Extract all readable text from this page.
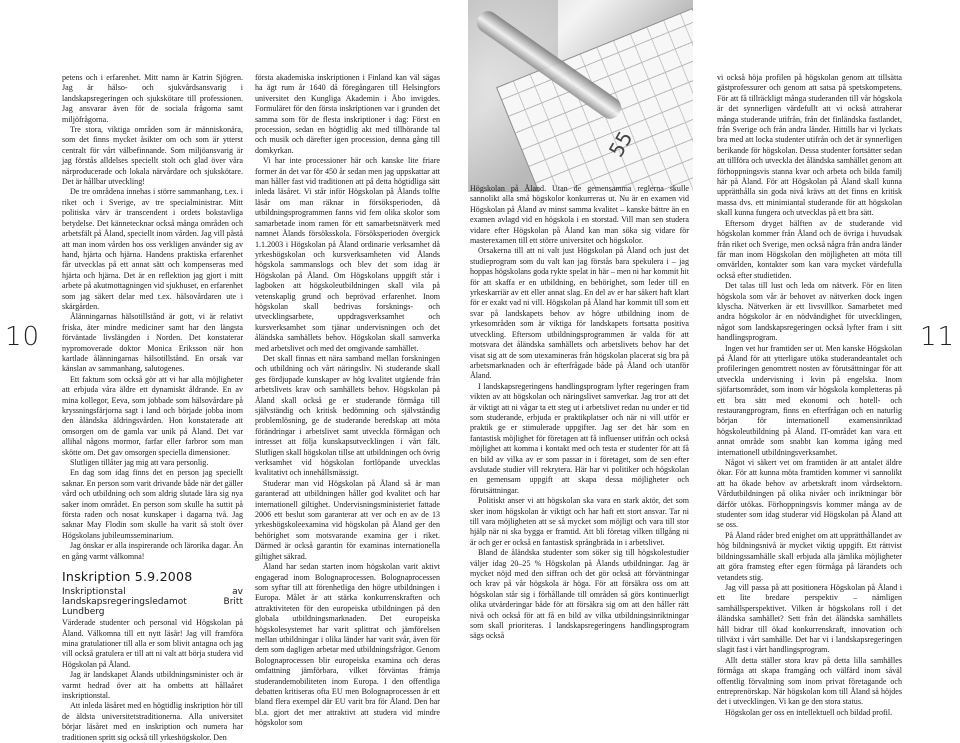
55
10	11

petens och i erfarenhet. Mitt namn är Katrin Sjögren. Jag är hälso- och sjukvårdsansvarig i landskapsregeringen och sjukskötare till professionen. Jag ansvarar även för de sociala frågorna samt miljöfrågorna.

Tre stora, viktiga områden som är människonära, som det finns mycket åsikter om och som är ytterst centralt för vårt välbefinnande. Som miljöansvarig är jag förstås alldelses speciellt stolt och glad över våra närproducerade och lokala närvårdare och sjukskötare. Det är hållbar utveckling!

De tre områdena innehas i större sammanhang, t.ex. i riket och i Sverige, av tre specialministrar. Mitt politiska värv är transcendent i ordets bokstavliga betydelse. Det kännetecknar också många områden och arbetsfält på Åland, speciellt inom vården. Jag vill påstå att man inom vården hos oss verkligen använder sig av hand, hjärta och hjärna. Handens praktiska erfarenhet får utvecklas på ett annat sätt och kompenseras med hjärta och hjärna. Det är en reflektion jag gjort i mitt arbete på akutmottagningen vid sjukhuset, en erfarenhet som jag säkert delar med t.ex. hälsovårdaren ute i skärgården.

Ålänningarnas hälsotillstånd är gott, vi är relativt friska, äter mindre mediciner samt har den längsta förväntade livslängden i Norden. Det konstaterar nypromoverade doktor Monica Eriksson när hon kartlade ålänningarnas hälsotillstånd. En orsak var känslan av sammanhang, salutogenes.

Ett faktum som också gör att vi har alla möjligheter att erbjuda våra äldre ett dynamiskt åldrande. En av mina kollegor, Eeva, som jobbade som hälsovårdare på kryssningsfärjorna sagt i land och började jobba inom den åländska äldringsvården. Hon konstaterade att omsorgen om de gamla var unik på Åland. Det var allihal någons mormor, farfar eller farbror som man skötte om. Det gav omsorgen speciella dimensioner.

Slutligen tillåter jag mig att vara personlig.

En dag som idag finns det en person jag speciellt saknar. En person som varit drivande både när det gäller vård och utbildning och som aldrig slutade lära sig nya saker inom området. En person som skulle ha suttit på första raden och nosat kunskaper i dagarna två. Jag saknar May Flodin som skulle ha varit så stolt över Högskolans jubileumsseminarium.

Jag önskar er alla inspirerande och lärorika dagar. Än en gång varmt välkomna!

Inskription 5.9.2008

Inskriptionstal av landskapsregeringsledamot Britt Lundberg

Värderade studenter och personal vid Högskolan på Åland. Välkomna till ett nytt läsår! Jag vill framföra mina gratulationer till alla er som blivit antagna och jag vill också gratulera er till att ni valt att börja studera vid Högskolan på Åland.

Jag är landskapet Ålands utbildningsminister och är varmt hedrad över att ha ombetts att hållaåret inskriptionstal.

Att inleda läsåret med en högtidlig inskription hör till de äldsta universitetstraditionerna. Alla universitet börjar läsåret med en inskription och numera har traditionen spritt sig också till yrkeshögskolor. Den

första akademiska inskriptionen i Finland kan väl sägas ha ägt rum år 1640 då föregångaren till Helsingfors universitet den Kungliga Akademin i Åbo invigdes. Formuläret för den första inskriptionen var i grunden det samma som för de flesta inskriptioner i dag: Först en procession, sedan en högtidlig akt med tillhörande tal och musik och därefter igen procession, denna gång till domkyrkan.

Vi har inte processioner här och kanske lite friare former än det var för 450 år sedan men jag uppskattar att man håller fast vid traditionen att på detta högtidliga sätt inleda läsåret. Vi står inför Högskolan på Ålands tolfte läsår om man räknar in försöksperioden, då utbildningsprogrammen fanns vid fem olika skolor som samarbetade inom ramen för ett samarbetsnätverk med namnet Ålands försöksskola. Försöksperioden övergick 1.1.2003 i Högskolan på Åland ordinarie verksamhet då yrkeshögskolan och kursverksamheten vid Ålands högskola sammanslogs och blev det som idag är Högskolan på Åland. Om Högskolans uppgift står i lagboken att högskoleutbildningen skall vila på vetenskaplig grund och beprövad erfarenhet. Inom högskolan skall bedrivas forsknings- och utvecklingsarbete, uppdragsverksamhet och kursverksamhet som tjänar undervisningen och det åländska samhällets behov. Högskolan skall samverka med arbetslivet och med det omgivande samhället.

Det skall finnas ett nära samband mellan forskningen och utbildning och vårt näringsliv. Ni studerande skall ges fördjupade kunskaper av hög kvalitet utgående från arbetslivets krav och samhällets behov. Högskolan på Åland skall också ge er studerande förmåga till självständig och kritisk bedömning och självständig problemlösning, ge de studerande beredskap att möta förändringar i arbetslivet samt utveckla förmågan och intresset att följa kunskapsutvecklingen i vårt fält. Slutligen skall högskolan tillse att utbildningen och övrig verksamhet vid högskolan fortlöpande utvecklas kvalitativt och innehållsmässigt.

Studerar man vid Högskolan på Åland så är man garanterad att utbildningen håller god kvalitet och har internationell giltighet. Undervisningsministeriet fattade 2006 ett beslut som garanterar att ver och en av de 13 yrkeshögskoleexamina vid högskolan på Åland ger den behörighet som motsvarande examina ger i riket. Därmed är också garantin för examinas internationella giltighet säkrad.

Åland har sedan starten inom högskolan varit aktivt engagerad inom Bolognaprocessen. Bolognaprocessen som syftar till att förenhetliga den högre utbildningen i Europa. Målet är att stärka konkurrenskraften och attraktiviteten för den europeiska utbildningen på den globala utbildningsmarknaden. Det europeiska högskolesystemet har varit splittrat och jämförelsen mellan utbildningar i olika länder har varit svår, även för dem som dagligen arbetar med utbildningsfrågor. Genom Bolognaprocessen blir europeiska examina och deras omfattning jämförbara, vilket förväntas främja studerandemobiliteten inom Europa. I den offentliga debatten kritiseras ofta EU men Bolognaprocessen är ett bland flera exempel där EU varit bra för Åland. Den har bl.a. gjort det mer attraktivt att studera vid mindre högskolor som

Högskolan på Åland. Utan de gemensamma reglerna skulle sannolikt alla små högskolor konkurreras ut. Nu är en examen vid Högskolan på Åland av minst samma kvalitet – kanske bättre än en examen avlagd vid en högskola i en storstad. Vill man sen studera vidare efter Högskolan på Åland kan man söka sig vidare för masterexamen till ett större universitet och högskolor.

Orsakerna till att ni valt just Högskolan på Åland och just det studieprogram som du valt kan jag förstås bara spekulera i – jag hoppas högskolans goda rykte spelat in här – men ni har kommit hit för att skaffa er en utbildning, en behörighet, som leder till en yrkeskarriär av ett eller annat slag. En del av er har säkert haft klart för er exakt vad ni vill. Högskolan på Åland har kommit till som ett svar på landskapets behov av högre utbildning inom de yrkesområden som är viktiga för landskapets fortsatta positiva utveckling. Eftersom utbildningsprogrammen är valda för att motsvara det åländska samhällets och arbetslivets behov har det visat sig att de som utexamineras från högskolan placerat sig bra på arbetsmarknaden och är efterfrågade både på Åland och utanför Åland.

I landskapsregeringens handlingsprogram lyfter regeringen fram vikten av att högskolan och näringslivet samverkar. Jag tror att det är viktigt att ni vågar ta ett steg ut i arbetslivet redan nu under er tid som studerande, erbjuda er praktikplatser och när ni vill utför er praktik ge er stimulerade uppgifter. Jag ser det här som en fantastisk möjlighet för företagen att få influenser utifrån och också möjlighet att komma i kontakt med och testa er studenter för att få en bild av vilka av er som passar in i företaget, som de sen efter avslutade studier vill rekrytera. Här har vi politiker och högskolan en gemensam uppgift att skapa dessa möjligheter och förutsättningar.

Politiskt anser vi att högskolan ska vara en stark aktör, det som sker inom högskolan är viktigt och har haft ett stort ansvar. Tar ni till vara möjligheten att se så mycket som möjligt och vara till stor hjälp när ni ska bygga er framtid. Att bli företag vilken tillgång ni är och ger er också en fantastisk språngbräda in i arbetslivet.

Bland de åländska studenter som söker sig till högskolestudier väljer idag 20–25 % Högskolan på Ålands utbildningar. Jag är mycket nöjd med den siffran och det gör också att förväntningar och krav på vår högskola är höga. För att försäkra oss om att högskolan står sig i förhållande till områden så görs kontinuerligt olika utvärderingar både för att försäkra sig om att den håller rätt nivå och också för att få en bild av vilka utbildningsinriktningar som skall prioriteras. I landskapsregeringens handlingsprogram sägs också

vi också höja profilen på högskolan genom att tillsätta gästprofessurer och genom att satsa på spetskompetens. För att få tillräckligt många studeranden till vår högskola är det synnerligen värdefullt att vi också attraherar många studerande utifrån, från det finländska fastlandet, från Sverige och från andra länder. Hittills har vi lyckats bra med att locka studenter utifrån och det är synnerligen berikande för högskolan. Dessa studenter fortsätter sedan att tillföra och utveckla det åländska samhället genom att förhoppningsvis stanna kvar och arbeta och bilda familj här på Åland. För att Högskolan på Åland skall kunna upprätthålla sin goda nivå krävs att det finns en kritisk massa dvs. ett minimiantal studerande för att högskolan skall kunna fungera och utvecklas på ett bra sätt.

Eftersom dryget hälften av de studerande vid högskolan kommer från Åland och de övriga i huvudsak från riket och Sverige, men också några från andra länder får man inom Högskolan den möjligheten att möta till omvärlden, kontakter som kan vara mycket värdefulla också efter studietiden.

Det talas till lust och leda om nätverk. För en liten högskola som vår är behovet av nätverken dock ingen klyscha. Nätverken är ett livsvillkor. Samarbetet med andra högskolor är en nödvändighet för utvecklingen, något som landskapsregeringen också lyfter fram i sitt handlingsprogram.

Ingen vet hur framtiden ser ut. Men kanske Högskolan på Åland för att ytterligare utöka studerandeantalet och profileringen genomtrett nosten av förutsättningar för att utveckla undervisning i kvin på engelska. Inom sjöfartsområdet, som inom vår högskola kompletteras på ett bra sätt med ekonomi och hotell- och restaurangprogram, finns en efterfrågan och en naturlig början för internationell examensinriktad högskoleutbildning på Åland. IT-området kan vara ett annat område som snabbt kan komma igång med internationell utbildningsverksamhet.

Något vi säkert vet om framtiden är att antalet äldre ökar. För att kunna möta framtiden kommer vi sannolikt att ha ökade behov av arbetskraft inom vårdsektorn. Vårdutbildningen på olika nivåer och inriktningar bör därför utökas. Förhoppningsvis kommer många av de studenter som idag studerar vid Högskolan på Åland att se oss.

På Åland råder bred enighet om att upprätthållandet av hög bildningsnivå är mycket viktig uppgift. Ett rättvist bildningssamhälle skall erbjuda alla jämlika möjligheter att göra framsteg efter egen förmåga på lärandets och vetandets stig.

Jag vill passa på att positionera Högskolan på Åland i ett lite bredare perspektiv – nämligen samhällsperspektivet. Vilken är högskolans roll i det åländska samhället? Sett från det åländska samhällets håll bidrar till ökad konkurrenskraft, innovation och tillväxt i vårt samhälle. Det har vi i landskapsregeringen slagit fast i vårt handlingsprogram.

Allt detta ställer stora krav på detta lilla samhälles förmåga att skapa framgång och välfärd inom såväl offentlig förvaltning som inom privat företagande och entreprenörskap. När högskolan kom till Åland så höjdes det i utvecklingen. Vi kan ge den stora status.

Högskolan ger oss en intellektuell och bildad profil.
